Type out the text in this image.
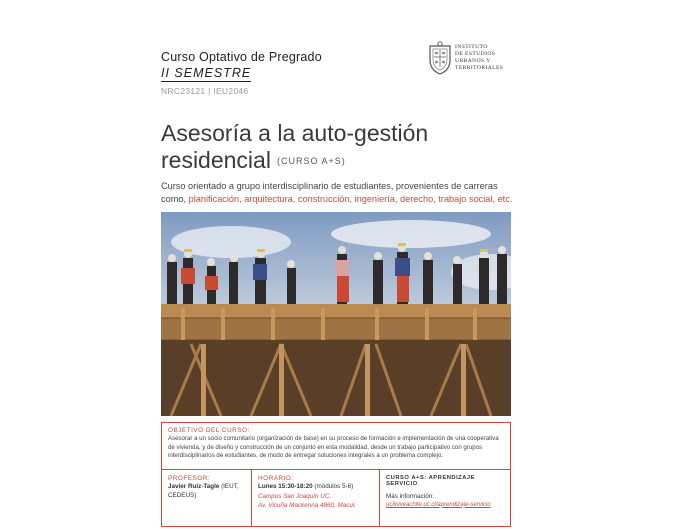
Curso Optativo de Pregrado
II SEMESTRE
NRC23121 | IEU2046
INSTITUTO
DE ESTUDIOS
URBANOS Y
TERRITORIALES
Asesoría a la auto-gestión
residencial (CURSO A+S)
Curso orientado a grupo interdisciplinario de estudiantes, provenientes de carreras como, planificación, arquitectura, construcción, ingeniería, derecho, trabajo social, etc.
OBJETIVO DEL CURSO:
Asesorar a un socio comunitario (organización de base) en su proceso de formación e implementación de una cooperativa de vivienda, y de diseño y construcción de un conjunto en esta modalidad, desde un trabajo participativo con grupos interdisciplinarios de estudiantes, de modo de entregar soluciones integrales a un problema complejo.
PROFESOR:
Javier Ruiz-Tagle (IEUT, CEDEUS)
HORARIO:
Lunes 15:30-18:20 (módulos 5-6)
Campus San Joaquín UC,
Av. Vicuña Mackenna 4860, Macul.
CURSO A+S: APRENDIZAJE SERVICIO
Más información:
ucliniveachile.uc.cl/aprendizaje-servicio
